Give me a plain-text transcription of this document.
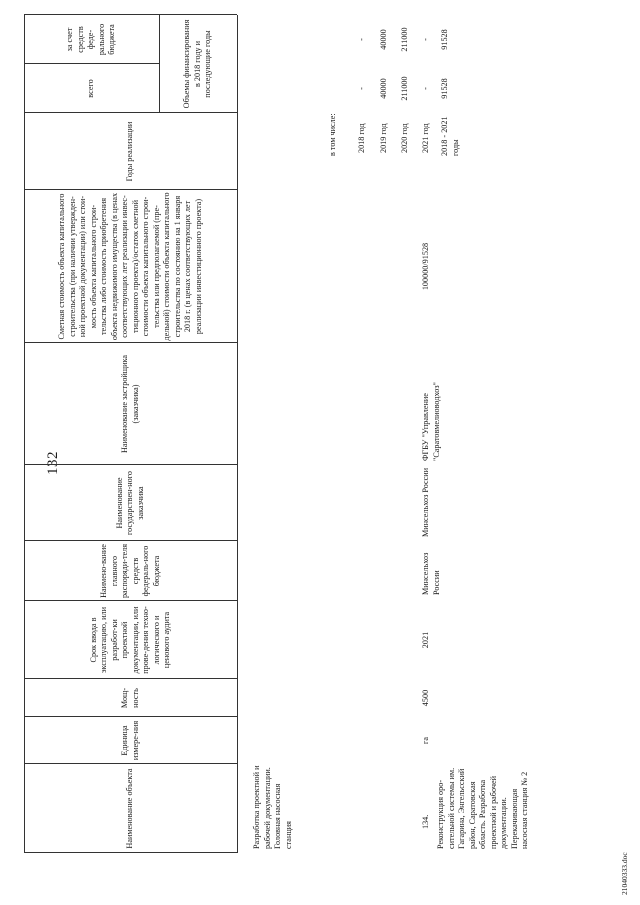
132
21040333.doc
Наименование объекта
Единица измере-ния
Мощ-ность
Срок ввода в эксплуатацию, или разработ-ки проектной документации, или прове-дения техно-логического и ценового аудита
Наимено-вание главного распоряди-теля средств федераль-ного бюджета
Наименование государствен-ного заказчика
Наименование застройщика (заказчика)
Сметная стоимость объекта капитального строительства (при наличии утвержден-ной проектной документации) или стои-мость объекта капитального строи-тельства либо стоимость приобретения объекта недвижимого имущества (в ценах соответствующих лет реализации инвес-тиционного проекта)/остаток сметной стоимости объекта капитального строи-тельства или предполагаемой (пре-дельной) стоимости объекта капитального строительства по состоянию на 1 января 2018 г. (в ценах соответствующих лет реализации инвестиционного проекта)
Годы реализации
Объемы финансирования в 2018 году и последующие годы
всего
за счет средств феде-рального бюджета
Разработка проектной и рабочей документации. Головная насосная станция	134. Реконструкция оро-сительной системы им. Гагарина, Энгельсский район, Саратовская область. Разработка проектной и рабочей документации. Перекачивающая насосная станция № 2
га
4500
2021
Минсельхоз России
Минсельхоз России
ФГБУ "Управление "Саратовмелиоводхоз"
100000/91528
в том числе: 2018 год
-
-
2019 год
40000
40000
2020 год
211000
211000
2021 год
-
-
2018 - 2021 годы
91528
91528
